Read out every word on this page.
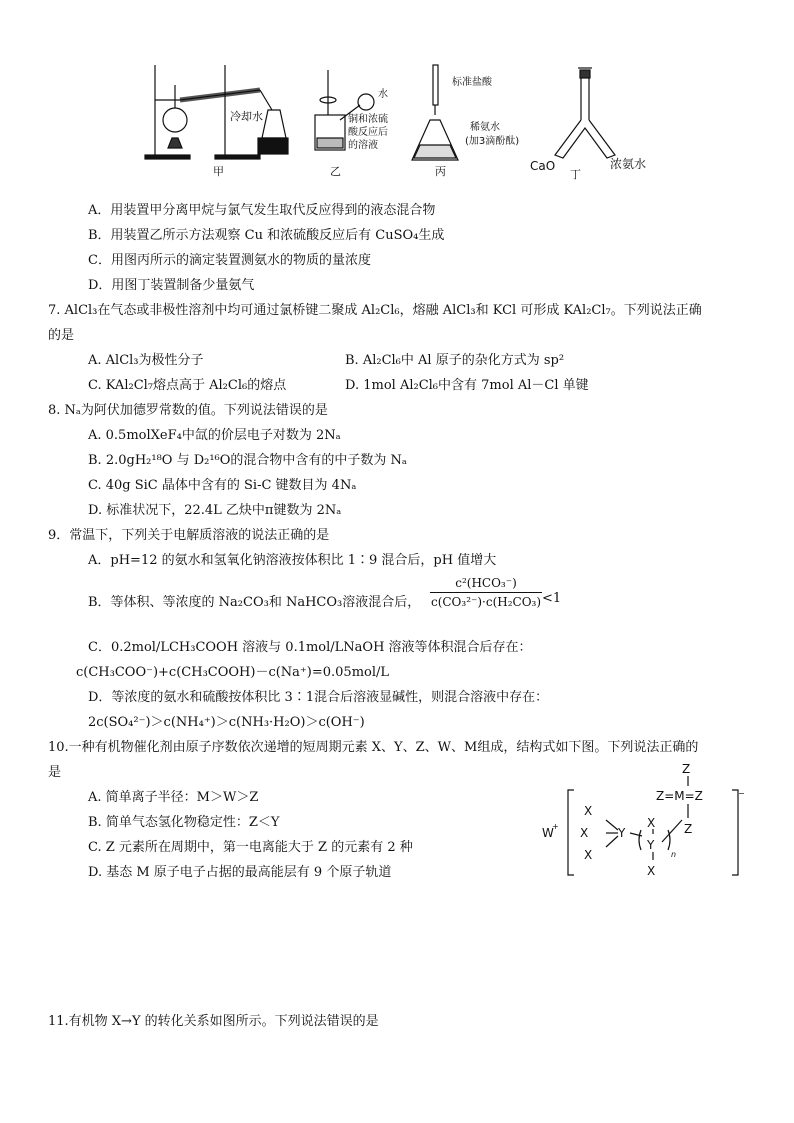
冷却水
甲
水
铜和浓硫
酸反应后
的溶液
乙
标准盐酸
稀氨水
(加3滴酚酞)
丙	CaO	浓氨水
丁
A．用装置甲分离甲烷与氯气发生取代反应得到的液态混合物
B．用装置乙所示方法观察 Cu 和浓硫酸反应后有 CuSO₄生成
C．用图丙所示的滴定装置测氨水的物质的量浓度
D．用图丁装置制备少量氨气
7. AlCl₃在气态或非极性溶剂中均可通过氯桥键二聚成 Al₂Cl₆，熔融 AlCl₃和 KCl 可形成 KAl₂Cl₇。下列说法正确
的是
A. AlCl₃为极性分子	B. Al₂Cl₆中 Al 原子的杂化方式为 sp²
C. KAl₂Cl₇熔点高于 Al₂Cl₆的熔点	D. 1mol Al₂Cl₆中含有 7mol Al－Cl 单键
8. Nₐ为阿伏加德罗常数的值。下列说法错误的是
A. 0.5molXeF₄中氙的价层电子对数为 2Nₐ
B. 2.0gH₂¹⁸O 与 D₂¹⁶O的混合物中含有的中子数为 Nₐ
C. 40g SiC 晶体中含有的 Si-C 键数目为 4Nₐ
D. 标准状况下，22.4L 乙炔中π键数为 2Nₐ
9．常温下，下列关于电解质溶液的说法正确的是
A．pH=12 的氨水和氢氧化钠溶液按体积比 1∶9 混合后，pH 值增大
B．等体积、等浓度的 Na₂CO₃和 NaHCO₃溶液混合后，
c²(HCO₃⁻)
c(CO₃²⁻)·c(H₂CO₃) <1
C．0.2mol/LCH₃COOH 溶液与 0.1mol/LNaOH 溶液等体积混合后存在：
c(CH₃COO⁻)+c(CH₃COOH)－c(Na⁺)=0.05mol/L
D．等浓度的氨水和硫酸按体积比 3∶1混合后溶液显碱性，则混合溶液中存在：
2c(SO₄²⁻)＞c(NH₄⁺)＞c(NH₃·H₂O)＞c(OH⁻)
10.一种有机物催化剂由原子序数依次递增的短周期元素 X、Y、Z、W、M组成，结构式如下图。下列说法正确的
是
A. 简单离子半径：M＞W＞Z
B. 简单气态氢化物稳定性：Z＜Y
C. Z 元素所在周期中，第一电离能大于 Z 的元素有 2 种
D. 基态 M 原子电子占据的最高能层有 9 个原子轨道
W
+
X
X
X
Y
X
Y
X
n
Z
Z=M=Z
Z
−
11.有机物 X→Y 的转化关系如图所示。下列说法错误的是
